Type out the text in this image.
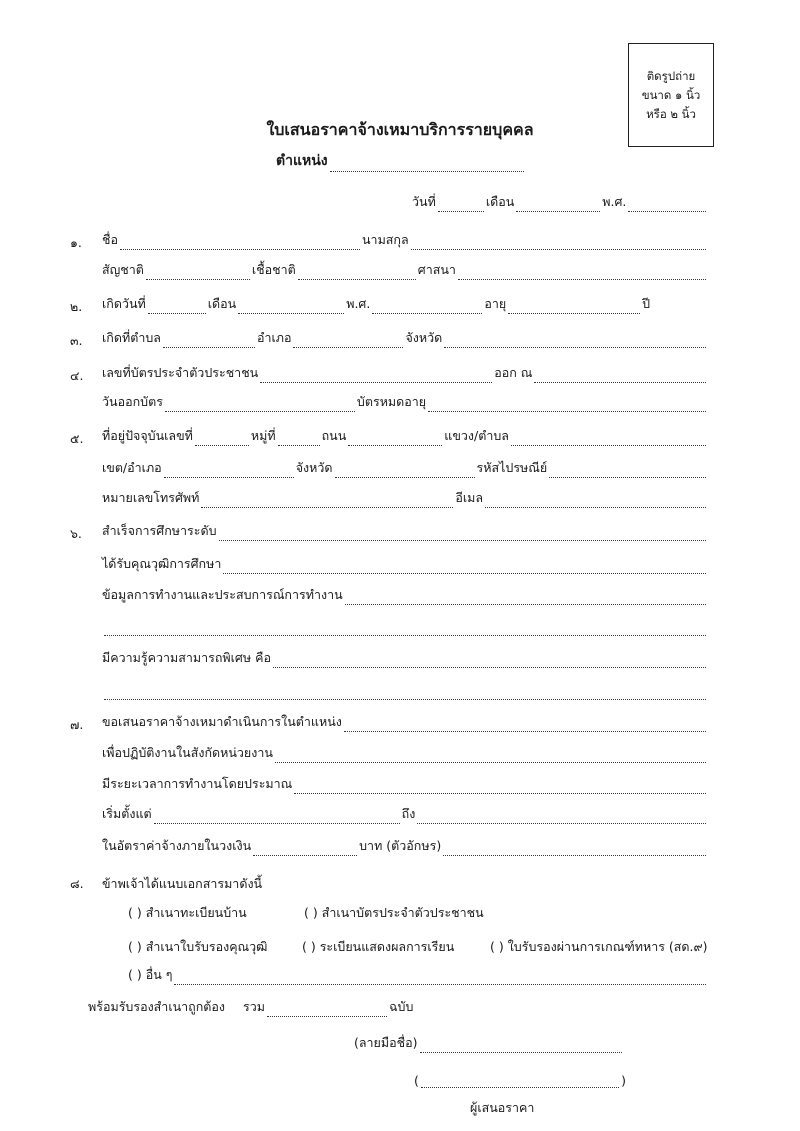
ติดรูปถ่าย
ขนาด ๑ นิ้ว
หรือ ๒ นิ้ว
ใบเสนอราคาจ้างเหมาบริการรายบุคคล
ตำแหน่ง
วันที่	เดือน	พ.ศ.
๑. ชื่อ	นามสกุล
สัญชาติ	เชื้อชาติ	ศาสนา
๒. เกิดวันที่	เดือน	พ.ศ.	อายุ	ปี
๓. เกิดที่ตำบล	อำเภอ	จังหวัด
๔. เลขที่บัตรประจำตัวประชาชน	ออก ณ
วันออกบัตร	บัตรหมดอายุ
๕. ที่อยู่ปัจจุบันเลขที่	หมู่ที่	ถนน	แขวง/ตำบล
เขต/อำเภอ	จังหวัด	รหัสไปรษณีย์
หมายเลขโทรศัพท์	อีเมล
๖. สำเร็จการศึกษาระดับ
ได้รับคุณวุฒิการศึกษา
ข้อมูลการทำงานและประสบการณ์การทำงาน
มีความรู้ความสามารถพิเศษ คือ
๗. ขอเสนอราคาจ้างเหมาดำเนินการในตำแหน่ง
เพื่อปฏิบัติงานในสังกัดหน่วยงาน
มีระยะเวลาการทำงานโดยประมาณ
เริ่มตั้งแต่	ถึง
ในอัตราค่าจ้างภายในวงเงิน	บาท (ตัวอักษร)
๘. ข้าพเจ้าได้แนบเอกสารมาดังนี้
( ) สำเนาทะเบียนบ้าน	( ) สำเนาบัตรประจำตัวประชาชน
( ) สำเนาใบรับรองคุณวุฒิ	( ) ระเบียนแสดงผลการเรียน	( ) ใบรับรองผ่านการเกณฑ์ทหาร (สด.๙)
( ) อื่น ๆ
พร้อมรับรองสำเนาถูกต้อง รวม	ฉบับ
(ลายมือชื่อ)
(	)
ผู้เสนอราคา
